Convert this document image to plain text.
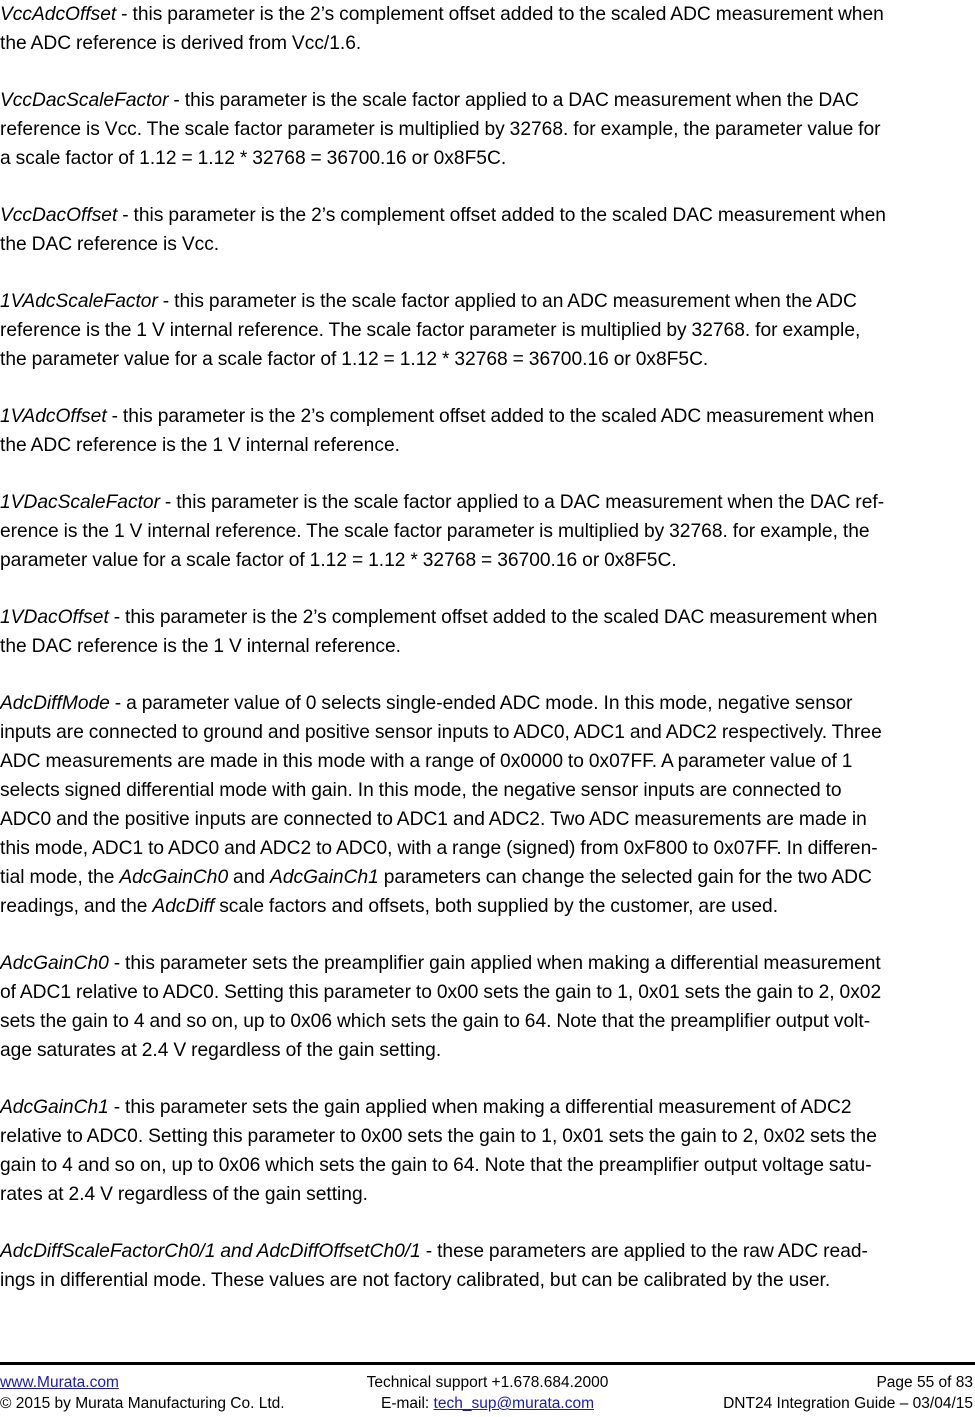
VccAdcOffset - this parameter is the 2’s complement offset added to the scaled ADC measurement when
the ADC reference is derived from Vcc/1.6.

VccDacScaleFactor - this parameter is the scale factor applied to a DAC measurement when the DAC
reference is Vcc. The scale factor parameter is multiplied by 32768. for example, the parameter value for
a scale factor of 1.12 = 1.12 * 32768 = 36700.16 or 0x8F5C.

VccDacOffset - this parameter is the 2’s complement offset added to the scaled DAC measurement when
the DAC reference is Vcc.

1VAdcScaleFactor - this parameter is the scale factor applied to an ADC measurement when the ADC
reference is the 1 V internal reference. The scale factor parameter is multiplied by 32768. for example,
the parameter value for a scale factor of 1.12 = 1.12 * 32768 = 36700.16 or 0x8F5C.

1VAdcOffset - this parameter is the 2’s complement offset added to the scaled ADC measurement when
the ADC reference is the 1 V internal reference.

1VDacScaleFactor - this parameter is the scale factor applied to a DAC measurement when the DAC ref-
erence is the 1 V internal reference. The scale factor parameter is multiplied by 32768. for example, the
parameter value for a scale factor of 1.12 = 1.12 * 32768 = 36700.16 or 0x8F5C.

1VDacOffset - this parameter is the 2’s complement offset added to the scaled DAC measurement when
the DAC reference is the 1 V internal reference.

AdcDiffMode - a parameter value of 0 selects single-ended ADC mode. In this mode, negative sensor
inputs are connected to ground and positive sensor inputs to ADC0, ADC1 and ADC2 respectively. Three
ADC measurements are made in this mode with a range of 0x0000 to 0x07FF. A parameter value of 1
selects signed differential mode with gain. In this mode, the negative sensor inputs are connected to
ADC0 and the positive inputs are connected to ADC1 and ADC2. Two ADC measurements are made in
this mode, ADC1 to ADC0 and ADC2 to ADC0, with a range (signed) from 0xF800 to 0x07FF. In differen-
tial mode, the AdcGainCh0 and AdcGainCh1 parameters can change the selected gain for the two ADC
readings, and the AdcDiff scale factors and offsets, both supplied by the customer, are used.

AdcGainCh0 - this parameter sets the preamplifier gain applied when making a differential measurement
of ADC1 relative to ADC0. Setting this parameter to 0x00 sets the gain to 1, 0x01 sets the gain to 2, 0x02
sets the gain to 4 and so on, up to 0x06 which sets the gain to 64. Note that the preamplifier output volt-
age saturates at 2.4 V regardless of the gain setting.

AdcGainCh1 - this parameter sets the gain applied when making a differential measurement of ADC2
relative to ADC0. Setting this parameter to 0x00 sets the gain to 1, 0x01 sets the gain to 2, 0x02 sets the
gain to 4 and so on, up to 0x06 which sets the gain to 64. Note that the preamplifier output voltage satu-
rates at 2.4 V regardless of the gain setting.

AdcDiffScaleFactorCh0/1 and AdcDiffOffsetCh0/1 - these parameters are applied to the raw ADC read-
ings in differential mode. These values are not factory calibrated, but can be calibrated by the user.

www.Murata.com	Technical support +1.678.684.2000	Page 55 of 83
© 2015 by Murata Manufacturing Co. Ltd.	E-mail: tech_sup@murata.com	DNT24 Integration Guide – 03/04/15
